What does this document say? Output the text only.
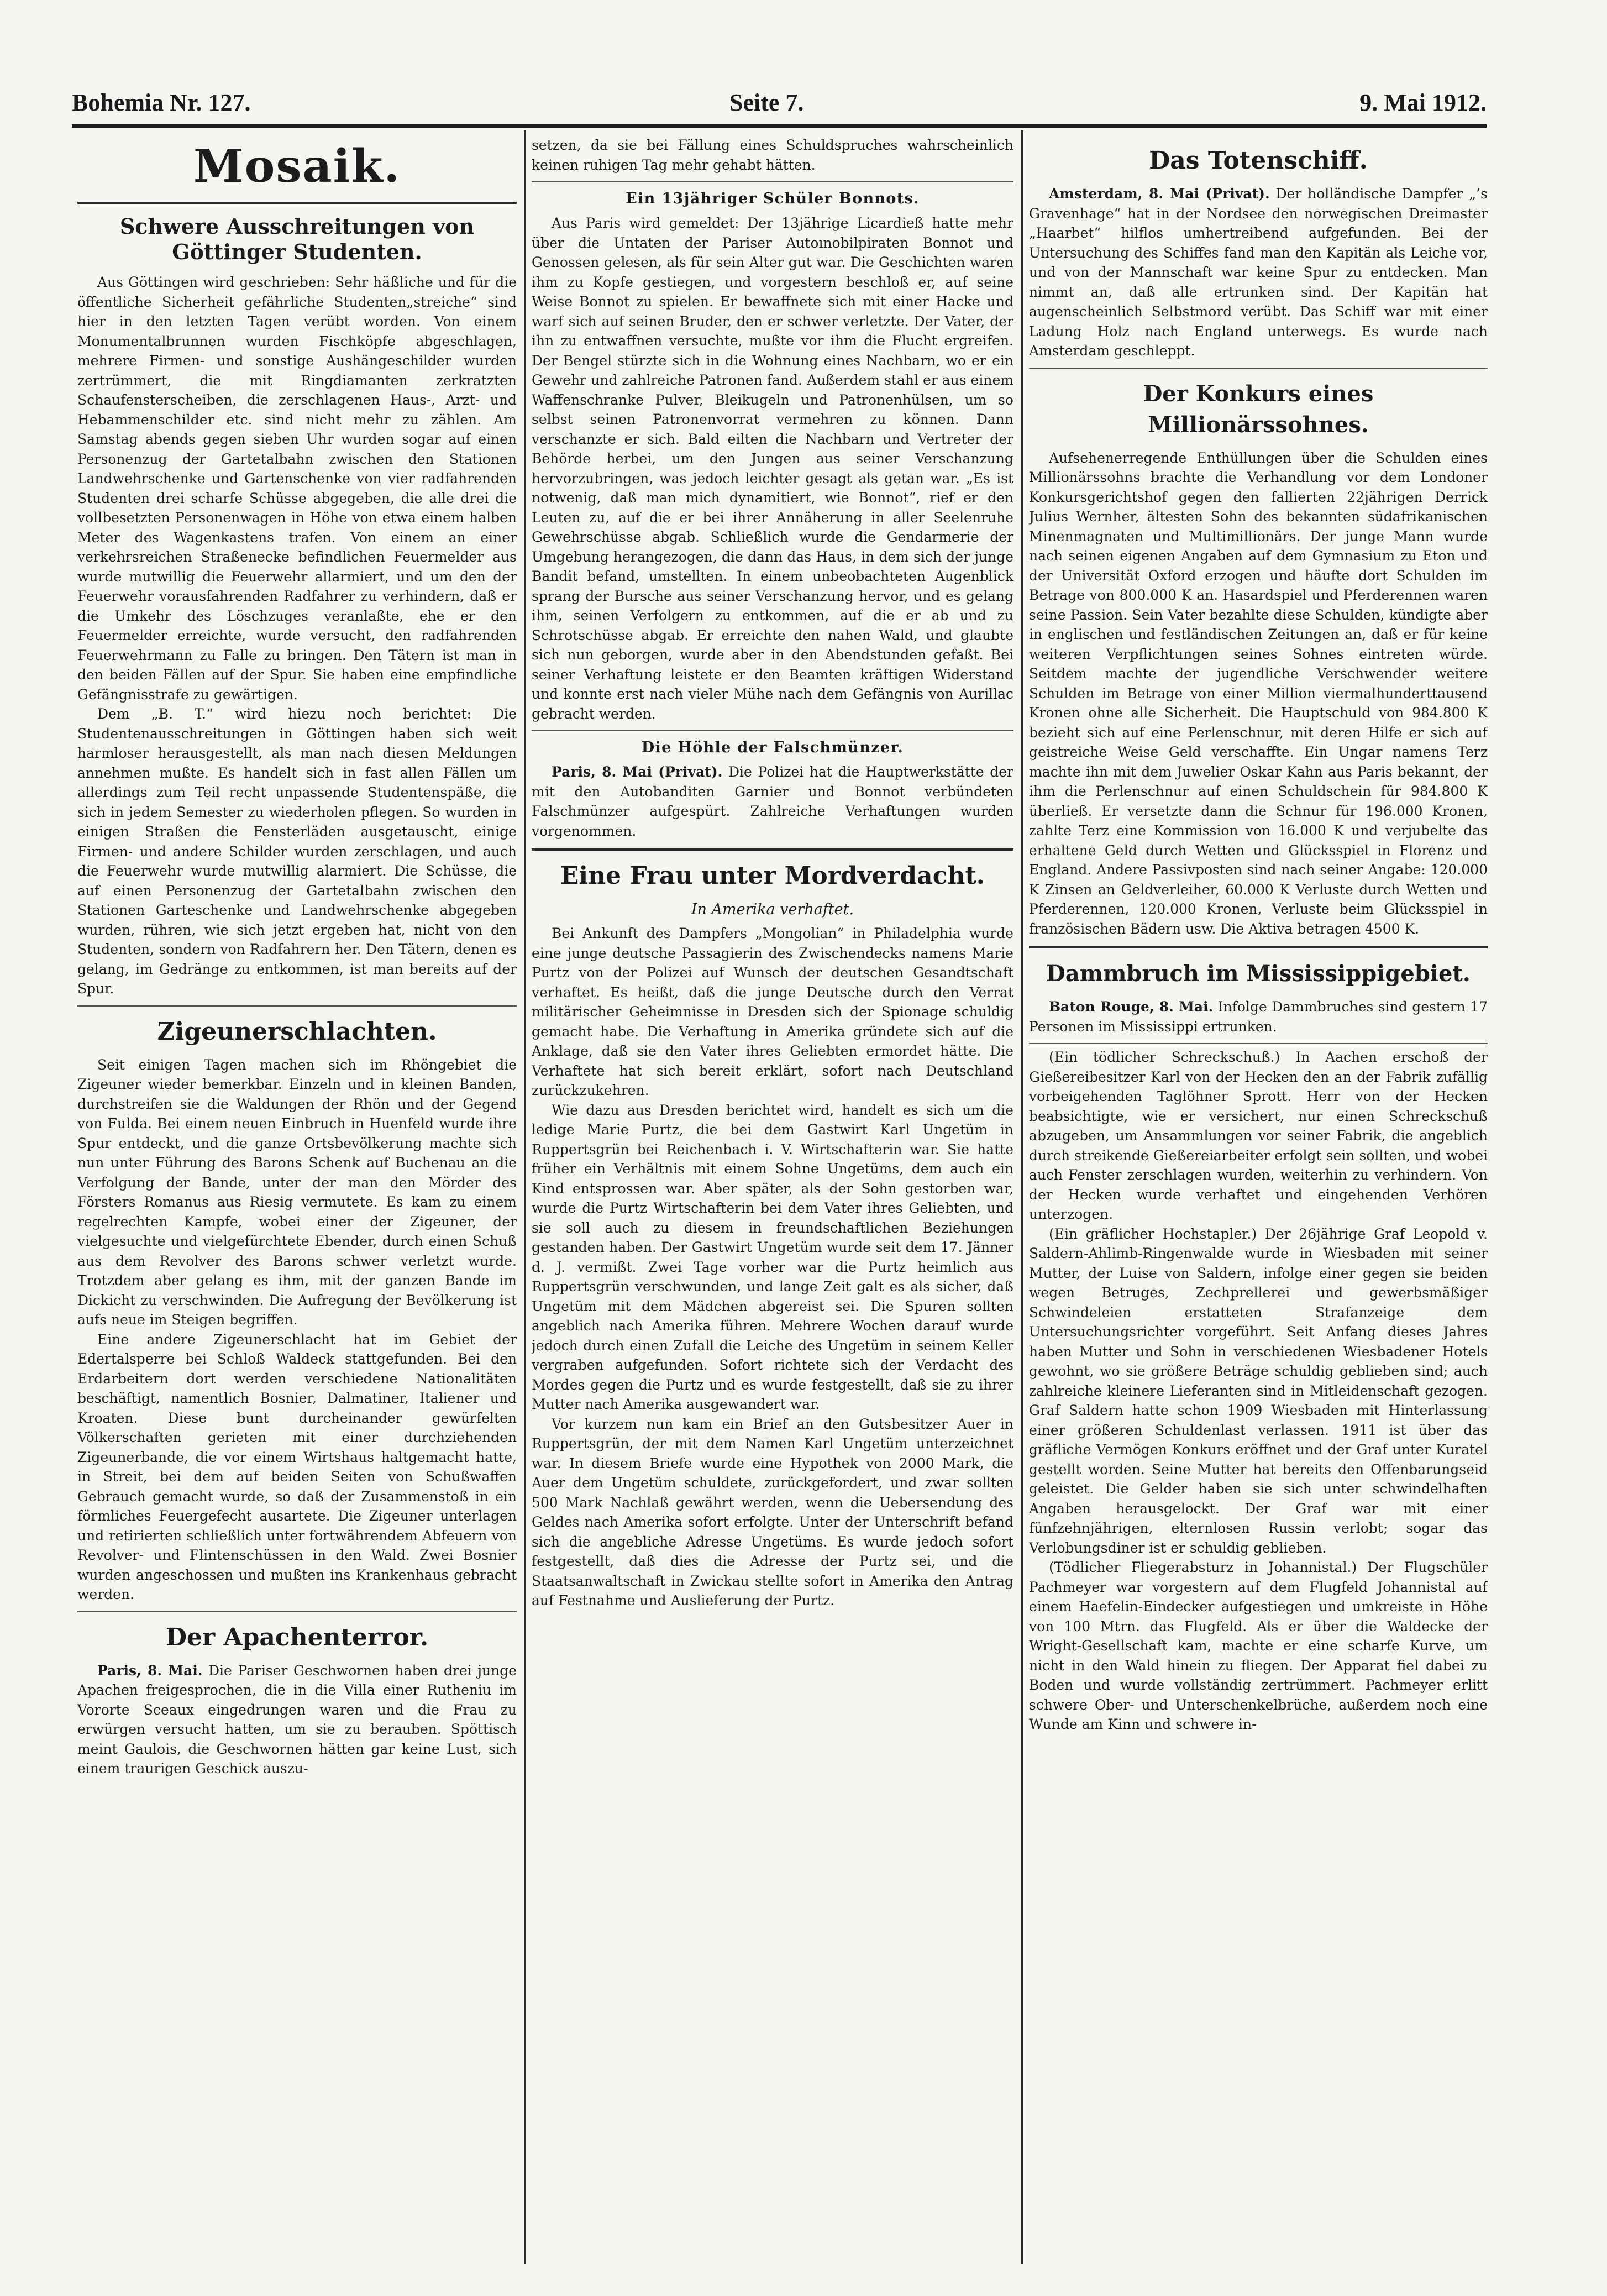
Bohemia Nr. 127.	Seite 7.	9. Mai 1912.
Mosaik.
Schwere Ausschreitungen von Göttinger Studenten.

Aus Göttingen wird geschrieben: Sehr häßliche und für die öffentliche Sicherheit gefährliche Studenten„streiche“ sind hier in den letzten Tagen verübt worden. Von einem Monumentalbrunnen wurden Fischköpfe abgeschlagen, mehrere Firmen- und sonstige Aushängeschilder wurden zertrümmert, die mit Ringdiamanten zerkratzten Schaufensterscheiben, die zerschlagenen Haus-, Arzt- und Hebammenschilder etc. sind nicht mehr zu zählen. Am Samstag abends gegen sieben Uhr wurden sogar auf einen Personenzug der Gartetalbahn zwischen den Stationen Landwehrschenke und Gartenschenke von vier radfahrenden Studenten drei scharfe Schüsse abgegeben, die alle drei die vollbesetzten Personenwagen in Höhe von etwa einem halben Meter des Wagenkastens trafen. Von einem an einer verkehrsreichen Straßenecke befindlichen Feuermelder aus wurde mutwillig die Feuerwehr allarmiert, und um den der Feuerwehr vorausfahrenden Radfahrer zu verhindern, daß er die Umkehr des Löschzuges veranlaßte, ehe er den Feuermelder erreichte, wurde versucht, den radfahrenden Feuerwehrmann zu Falle zu bringen. Den Tätern ist man in den beiden Fällen auf der Spur. Sie haben eine empfindliche Gefängnisstrafe zu gewärtigen.

Dem „B. T.“ wird hiezu noch berichtet: Die Studentenausschreitungen in Göttingen haben sich weit harmloser herausgestellt, als man nach diesen Meldungen annehmen mußte. Es handelt sich in fast allen Fällen um allerdings zum Teil recht unpassende Studentenspäße, die sich in jedem Semester zu wiederholen pflegen. So wurden in einigen Straßen die Fensterläden ausgetauscht, einige Firmen- und andere Schilder wurden zerschlagen, und auch die Feuerwehr wurde mutwillig alarmiert. Die Schüsse, die auf einen Personenzug der Gartetalbahn zwischen den Stationen Garteschenke und Landwehrschenke abgegeben wurden, rühren, wie sich jetzt ergeben hat, nicht von den Studenten, sondern von Radfahrern her. Den Tätern, denen es gelang, im Gedränge zu entkommen, ist man bereits auf der Spur.

Zigeunerschlachten.

Seit einigen Tagen machen sich im Rhöngebiet die Zigeuner wieder bemerkbar. Einzeln und in kleinen Banden, durchstreifen sie die Waldungen der Rhön und der Gegend von Fulda. Bei einem neuen Einbruch in Huenfeld wurde ihre Spur entdeckt, und die ganze Ortsbevölkerung machte sich nun unter Führung des Barons Schenk auf Buchenau an die Verfolgung der Bande, unter der man den Mörder des Försters Romanus aus Riesig vermutete. Es kam zu einem regelrechten Kampfe, wobei einer der Zigeuner, der vielgesuchte und vielgefürchtete Ebender, durch einen Schuß aus dem Revolver des Barons schwer verletzt wurde. Trotzdem aber gelang es ihm, mit der ganzen Bande im Dickicht zu verschwinden. Die Aufregung der Bevölkerung ist aufs neue im Steigen begriffen.

Eine andere Zigeunerschlacht hat im Gebiet der Edertalsperre bei Schloß Waldeck stattgefunden. Bei den Erdarbeitern dort werden verschiedene Nationalitäten beschäftigt, namentlich Bosnier, Dalmatiner, Italiener und Kroaten. Diese bunt durcheinander gewürfelten Völkerschaften gerieten mit einer durchziehenden Zigeunerbande, die vor einem Wirtshaus haltgemacht hatte, in Streit, bei dem auf beiden Seiten von Schußwaffen Gebrauch gemacht wurde, so daß der Zusammenstoß in ein förmliches Feuergefecht ausartete. Die Zigeuner unterlagen und retirierten schließlich unter fortwährendem Abfeuern von Revolver- und Flintenschüssen in den Wald. Zwei Bosnier wurden angeschossen und mußten ins Krankenhaus gebracht werden.

Der Apachenterror.

Paris, 8. Mai. Die Pariser Geschwornen haben drei junge Apachen freigesprochen, die in die Villa einer Rutheniu im Vororte Sceaux eingedrungen waren und die Frau zu erwürgen versucht hatten, um sie zu berauben. Spöttisch meint Gaulois, die Geschwornen hätten gar keine Lust, sich einem traurigen Geschick auszu-

setzen, da sie bei Fällung eines Schuldspruches wahrscheinlich keinen ruhigen Tag mehr gehabt hätten.

Ein 13jähriger Schüler Bonnots.

Aus Paris wird gemeldet: Der 13jährige Licardieß hatte mehr über die Untaten der Pariser Autoınobilpiraten Bonnot und Genossen gelesen, als für sein Alter gut war. Die Geschichten waren ihm zu Kopfe gestiegen, und vorgestern beschloß er, auf seine Weise Bonnot zu spielen. Er bewaffnete sich mit einer Hacke und warf sich auf seinen Bruder, den er schwer verletzte. Der Vater, der ihn zu entwaffnen versuchte, mußte vor ihm die Flucht ergreifen. Der Bengel stürzte sich in die Wohnung eines Nachbarn, wo er ein Gewehr und zahlreiche Patronen fand. Außerdem stahl er aus einem Waffenschranke Pulver, Bleikugeln und Patronenhülsen, um so selbst seinen Patronenvorrat vermehren zu können. Dann verschanzte er sich. Bald eilten die Nachbarn und Vertreter der Behörde herbei, um den Jungen aus seiner Verschanzung hervorzubringen, was jedoch leichter gesagt als getan war. „Es ist notwenig, daß man mich dynamitiert, wie Bonnot“, rief er den Leuten zu, auf die er bei ihrer Annäherung in aller Seelenruhe Gewehrschüsse abgab. Schließlich wurde die Gendarmerie der Umgebung herangezogen, die dann das Haus, in dem sich der junge Bandit befand, umstellten. In einem unbeobachteten Augenblick sprang der Bursche aus seiner Verschanzung hervor, und es gelang ihm, seinen Verfolgern zu entkommen, auf die er ab und zu Schrotschüsse abgab. Er erreichte den nahen Wald, und glaubte sich nun geborgen, wurde aber in den Abendstunden gefaßt. Bei seiner Verhaftung leistete er den Beamten kräftigen Widerstand und konnte erst nach vieler Mühe nach dem Gefängnis von Aurillac gebracht werden.

Die Höhle der Falschmünzer.

Paris, 8. Mai (Privat). Die Polizei hat die Hauptwerkstätte der mit den Autobanditen Garnier und Bonnot verbündeten Falschmünzer aufgespürt. Zahlreiche Verhaftungen wurden vorgenommen.

Eine Frau unter Mordverdacht.
In Amerika verhaftet.

Bei Ankunft des Dampfers „Mongolian“ in Philadelphia wurde eine junge deutsche Passagierin des Zwischendecks namens Marie Purtz von der Polizei auf Wunsch der deutschen Gesandtschaft verhaftet. Es heißt, daß die junge Deutsche durch den Verrat militärischer Geheimnisse in Dresden sich der Spionage schuldig gemacht habe. Die Verhaftung in Amerika gründete sich auf die Anklage, daß sie den Vater ihres Geliebten ermordet hätte. Die Verhaftete hat sich bereit erklärt, sofort nach Deutschland zurückzukehren.

Wie dazu aus Dresden berichtet wird, handelt es sich um die ledige Marie Purtz, die bei dem Gastwirt Karl Ungetüm in Ruppertsgrün bei Reichenbach i. V. Wirtschafterin war. Sie hatte früher ein Verhältnis mit einem Sohne Ungetüms, dem auch ein Kind entsprossen war. Aber später, als der Sohn gestorben war, wurde die Purtz Wirtschafterin bei dem Vater ihres Geliebten, und sie soll auch zu diesem in freundschaftlichen Beziehungen gestanden haben. Der Gastwirt Ungetüm wurde seit dem 17. Jänner d. J. vermißt. Zwei Tage vorher war die Purtz heimlich aus Ruppertsgrün verschwunden, und lange Zeit galt es als sicher, daß Ungetüm mit dem Mädchen abgereist sei. Die Spuren sollten angeblich nach Amerika führen. Mehrere Wochen darauf wurde jedoch durch einen Zufall die Leiche des Ungetüm in seinem Keller vergraben aufgefunden. Sofort richtete sich der Verdacht des Mordes gegen die Purtz und es wurde festgestellt, daß sie zu ihrer Mutter nach Amerika ausgewandert war.

Vor kurzem nun kam ein Brief an den Gutsbesitzer Auer in Ruppertsgrün, der mit dem Namen Karl Ungetüm unterzeichnet war. In diesem Briefe wurde eine Hypothek von 2000 Mark, die Auer dem Ungetüm schuldete, zurückgefordert, und zwar sollten 500 Mark Nachlaß gewährt werden, wenn die Uebersendung des Geldes nach Amerika sofort erfolgte. Unter der Unterschrift befand sich die angebliche Adresse Ungetüms. Es wurde jedoch sofort festgestellt, daß dies die Adresse der Purtz sei, und die Staatsanwaltschaft in Zwickau stellte sofort in Amerika den Antrag auf Festnahme und Auslieferung der Purtz.

Das Totenschiff.

Amsterdam, 8. Mai (Privat). Der holländische Dampfer „’s Gravenhage“ hat in der Nordsee den norwegischen Dreimaster „Haarbet“ hilflos umhertreibend aufgefunden. Bei der Untersuchung des Schiffes fand man den Kapitän als Leiche vor, und von der Mannschaft war keine Spur zu entdecken. Man nimmt an, daß alle ertrunken sind. Der Kapitän hat augenscheinlich Selbstmord verübt. Das Schiff war mit einer Ladung Holz nach England unterwegs. Es wurde nach Amsterdam geschleppt.

Der Konkurs eines Millionärssohnes.

Aufsehenerregende Enthüllungen über die Schulden eines Millionärssohns brachte die Verhandlung vor dem Londoner Konkursgerichtshof gegen den fallierten 22jährigen Derrick Julius Wernher, ältesten Sohn des bekannten südafrikanischen Minenmagnaten und Multimillionärs. Der junge Mann wurde nach seinen eigenen Angaben auf dem Gymnasium zu Eton und der Universität Oxford erzogen und häufte dort Schulden im Betrage von 800.000 K an. Hasardspiel und Pferderennen waren seine Passion. Sein Vater bezahlte diese Schulden, kündigte aber in englischen und festländischen Zeitungen an, daß er für keine weiteren Verpflichtungen seines Sohnes eintreten würde. Seitdem machte der jugendliche Verschwender weitere Schulden im Betrage von einer Million viermalhunderttausend Kronen ohne alle Sicherheit. Die Hauptschuld von 984.800 K bezieht sich auf eine Perlenschnur, mit deren Hilfe er sich auf geistreiche Weise Geld verschaffte. Ein Ungar namens Terz machte ihn mit dem Juwelier Oskar Kahn aus Paris bekannt, der ihm die Perlenschnur auf einen Schuldschein für 984.800 K überließ. Er versetzte dann die Schnur für 196.000 Kronen, zahlte Terz eine Kommission von 16.000 K und verjubelte das erhaltene Geld durch Wetten und Glücksspiel in Florenz und England. Andere Passivposten sind nach seiner Angabe: 120.000 K Zinsen an Geldverleiher, 60.000 K Verluste durch Wetten und Pferderennen, 120.000 Kronen, Verluste beim Glücksspiel in französischen Bädern usw. Die Aktiva betragen 4500 K.

Dammbruch im Mississippigebiet.

Baton Rouge, 8. Mai. Infolge Dammbruches sind gestern 17 Personen im Mississippi ertrunken.

(Ein tödlicher Schreckschuß.) In Aachen erschoß der Gießereibesitzer Karl von der Hecken den an der Fabrik zufällig vorbeigehenden Taglöhner Sprott. Herr von der Hecken beabsichtigte, wie er versichert, nur einen Schreckschuß abzugeben, um Ansammlungen vor seiner Fabrik, die angeblich durch streikende Gießereiarbeiter erfolgt sein sollten, und wobei auch Fenster zerschlagen wurden, weiterhin zu verhindern. Von der Hecken wurde verhaftet und eingehenden Verhören unterzogen.

(Ein gräflicher Hochstapler.) Der 26jährige Graf Leopold v. Saldern-Ahlimb-Ringenwalde wurde in Wiesbaden mit seiner Mutter, der Luise von Saldern, infolge einer gegen sie beiden wegen Betruges, Zechprellerei und gewerbsmäßiger Schwindeleien erstatteten Strafanzeige dem Untersuchungsrichter vorgeführt. Seit Anfang dieses Jahres haben Mutter und Sohn in verschiedenen Wiesbadener Hotels gewohnt, wo sie größere Beträge schuldig geblieben sind; auch zahlreiche kleinere Lieferanten sind in Mitleidenschaft gezogen. Graf Saldern hatte schon 1909 Wiesbaden mit Hinterlassung einer größeren Schuldenlast verlassen. 1911 ist über das gräfliche Vermögen Konkurs eröffnet und der Graf unter Kuratel gestellt worden. Seine Mutter hat bereits den Offenbarungseid geleistet. Die Gelder haben sie sich unter schwindelhaften Angaben herausgelockt. Der Graf war mit einer fünfzehnjährigen, elternlosen Russin verlobt; sogar das Verlobungsdiner ist er schuldig geblieben.

(Tödlicher Fliegerabsturz in Johannistal.) Der Flugschüler Pachmeyer war vorgestern auf dem Flugfeld Johannistal auf einem Haefelin-Eindecker aufgestiegen und umkreiste in Höhe von 100 Mtrn. das Flugfeld. Als er über die Waldecke der Wright-Gesellschaft kam, machte er eine scharfe Kurve, um nicht in den Wald hinein zu fliegen. Der Apparat fiel dabei zu Boden und wurde vollständig zertrümmert. Pachmeyer erlitt schwere Ober- und Unterschenkelbrüche, außerdem noch eine Wunde am Kinn und schwere in-
